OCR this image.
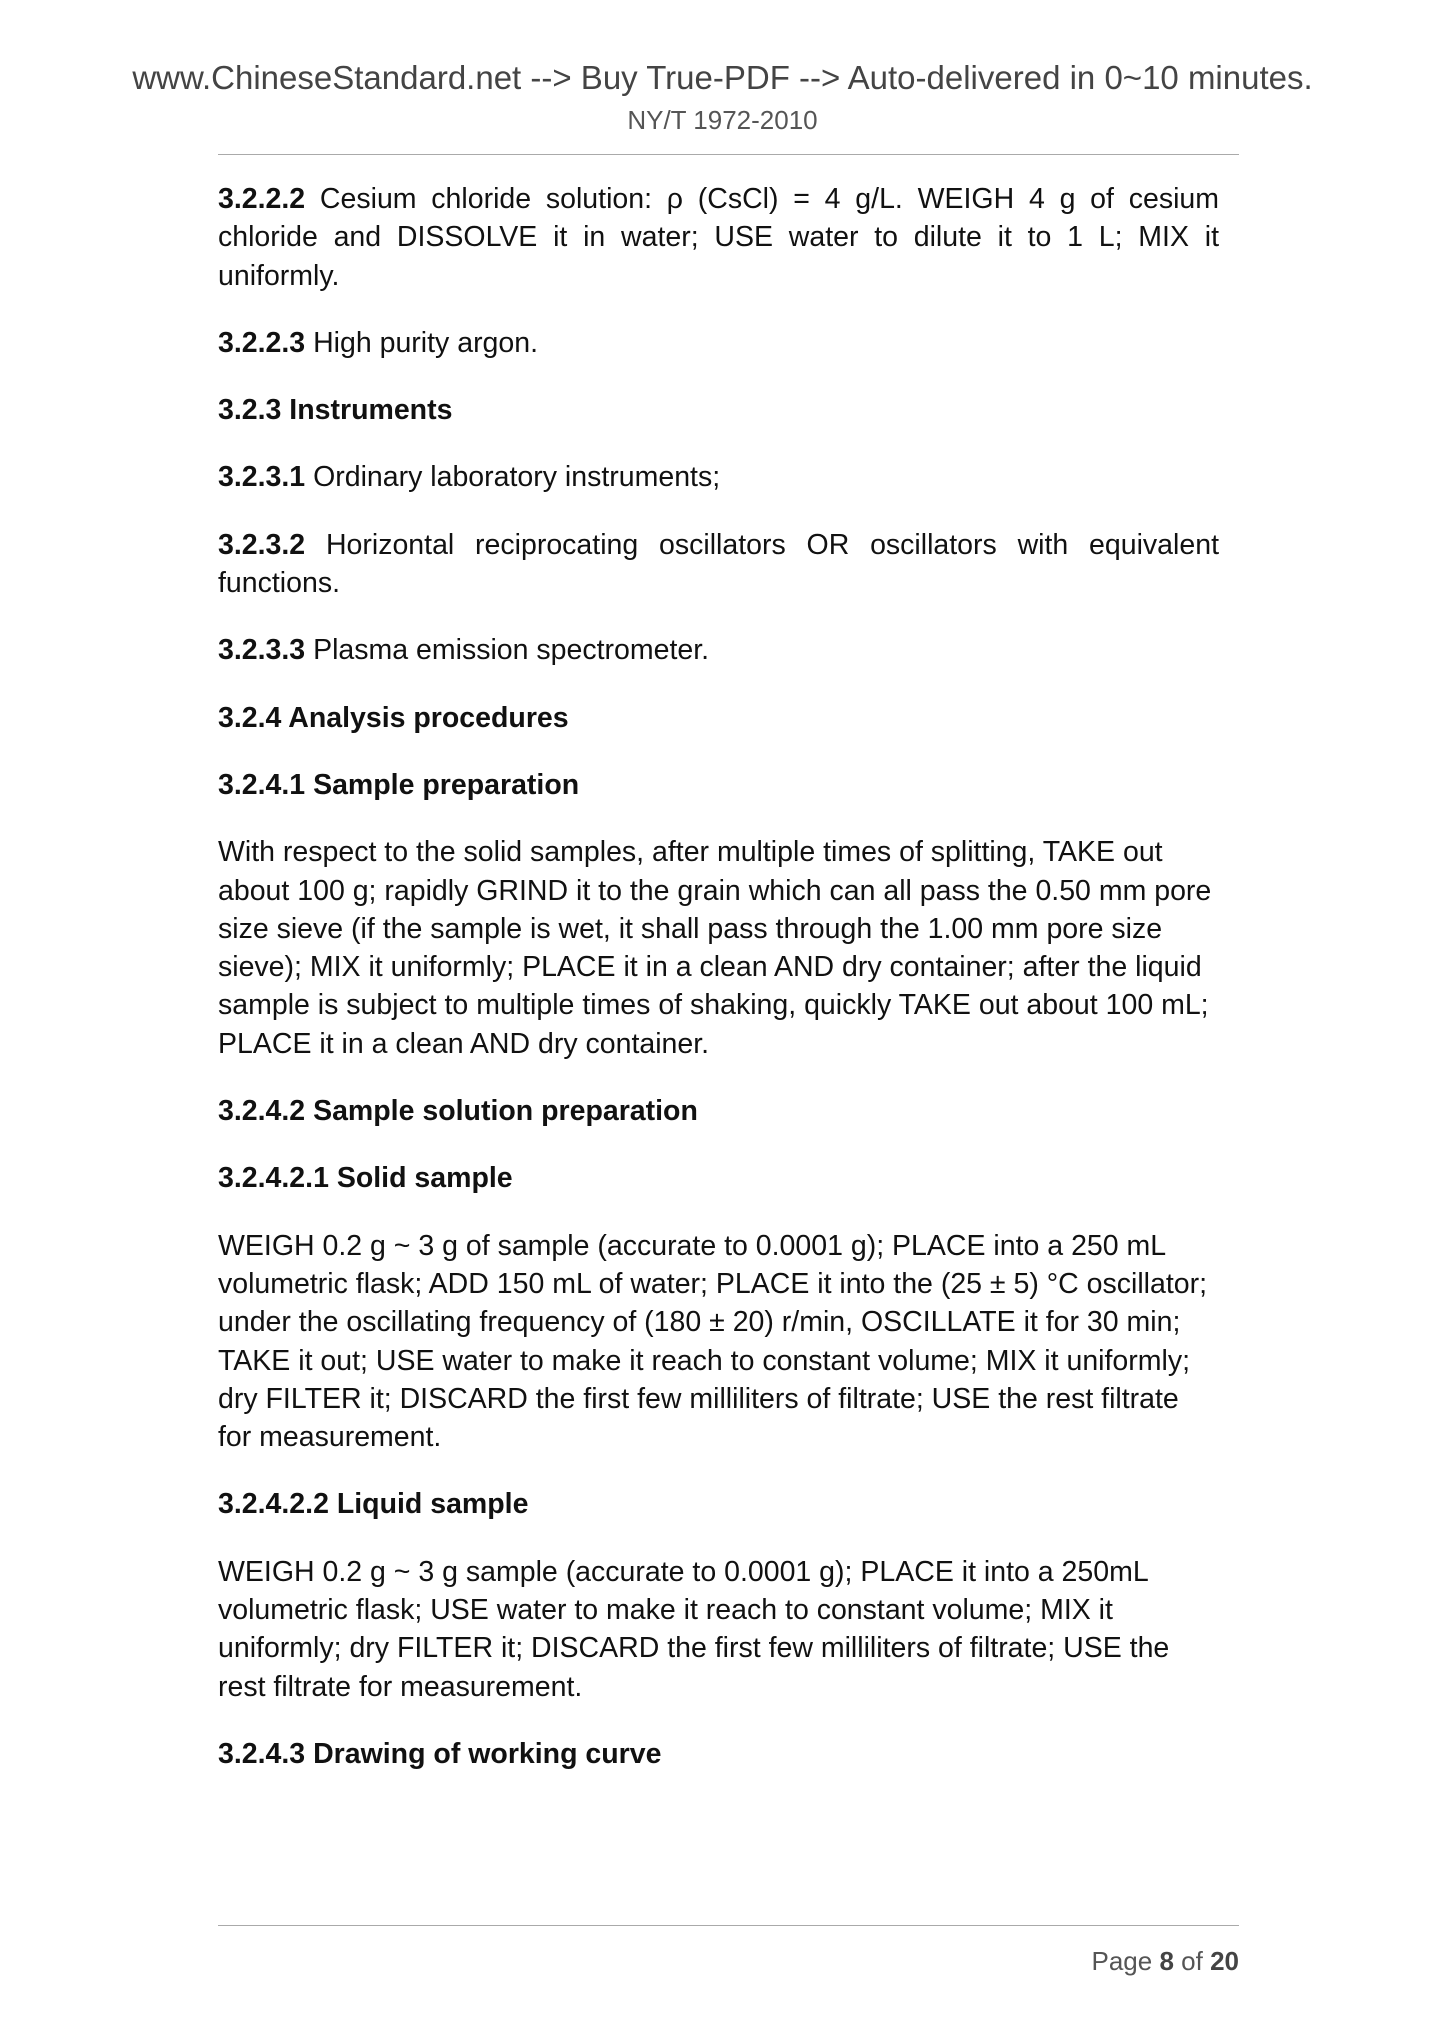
www.ChineseStandard.net --> Buy True-PDF --> Auto-delivered in 0~10 minutes.
NY/T 1972-2010

3.2.2.2 Cesium chloride solution: ρ (CsCl) = 4 g/L. WEIGH 4 g of cesium chloride and DISSOLVE it in water; USE water to dilute it to 1 L; MIX it uniformly.

3.2.2.3 High purity argon.

3.2.3 Instruments

3.2.3.1 Ordinary laboratory instruments;

3.2.3.2 Horizontal reciprocating oscillators OR oscillators with equivalent functions.

3.2.3.3 Plasma emission spectrometer.

3.2.4 Analysis procedures

3.2.4.1 Sample preparation

With respect to the solid samples, after multiple times of splitting, TAKE out about 100 g; rapidly GRIND it to the grain which can all pass the 0.50 mm pore size sieve (if the sample is wet, it shall pass through the 1.00 mm pore size sieve); MIX it uniformly; PLACE it in a clean AND dry container; after the liquid sample is subject to multiple times of shaking, quickly TAKE out about 100 mL; PLACE it in a clean AND dry container.

3.2.4.2 Sample solution preparation

3.2.4.2.1 Solid sample

WEIGH 0.2 g ~ 3 g of sample (accurate to 0.0001 g); PLACE into a 250 mL volumetric flask; ADD 150 mL of water; PLACE it into the (25 ± 5) °C oscillator; under the oscillating frequency of (180 ± 20) r/min, OSCILLATE it for 30 min; TAKE it out; USE water to make it reach to constant volume; MIX it uniformly; dry FILTER it; DISCARD the first few milliliters of filtrate; USE the rest filtrate for measurement.

3.2.4.2.2 Liquid sample

WEIGH 0.2 g ~ 3 g sample (accurate to 0.0001 g); PLACE it into a 250mL volumetric flask; USE water to make it reach to constant volume; MIX it uniformly; dry FILTER it; DISCARD the first few milliliters of filtrate; USE the rest filtrate for measurement.

3.2.4.3 Drawing of working curve

Page 8 of 20
